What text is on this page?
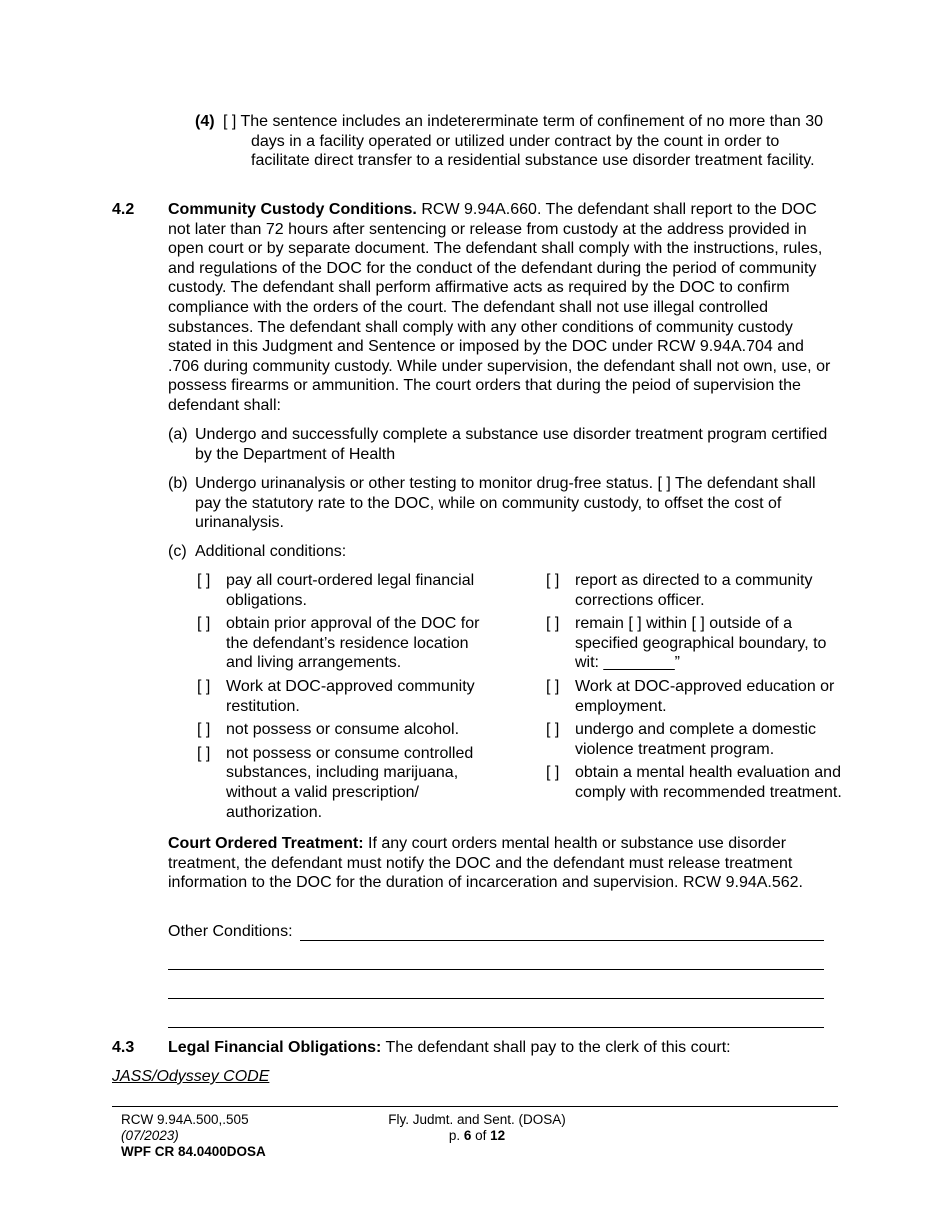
(4) [ ] The sentence includes an indetererminate term of confinement of no more than 30 days in a facility operated or utilized under contract by the count in order to facilitate direct transfer to a residential substance use disorder treatment facility.
4.2 Community Custody Conditions. RCW 9.94A.660. The defendant shall report to the DOC not later than 72 hours after sentencing or release from custody at the address provided in open court or by separate document. The defendant shall comply with the instructions, rules, and regulations of the DOC for the conduct of the defendant during the period of community custody. The defendant shall perform affirmative acts as required by the DOC to confirm compliance with the orders of the court. The defendant shall not use illegal controlled substances. The defendant shall comply with any other conditions of community custody stated in this Judgment and Sentence or imposed by the DOC under RCW 9.94A.704 and .706 during community custody. While under supervision, the defendant shall not own, use, or possess firearms or ammunition. The court orders that during the peiod of supervision the defendant shall:
(a) Undergo and successfully complete a substance use disorder treatment program certified by the Department of Health
(b) Undergo urinanalysis or other testing to monitor drug-free status. [ ] The defendant shall pay the statutory rate to the DOC, while on community custody, to offset the cost of urinanalysis.
(c) Additional conditions:
[ ] pay all court-ordered legal financial obligations.
[ ] obtain prior approval of the DOC for the defendant’s residence location and living arrangements.
[ ] Work at DOC-approved community restitution.
[ ] not possess or consume alcohol.
[ ] not possess or consume controlled substances, including marijuana, without a valid prescription/ authorization.
[ ] report as directed to a community corrections officer.
[ ] remain [ ] within [ ] outside of a specified geographical boundary, to wit: ________”
[ ] Work at DOC-approved education or employment.
[ ] undergo and complete a domestic violence treatment program.
[ ] obtain a mental health evaluation and comply with recommended treatment.
Court Ordered Treatment: If any court orders mental health or substance use disorder treatment, the defendant must notify the DOC and the defendant must release treatment information to the DOC for the duration of incarceration and supervision. RCW 9.94A.562.
Other Conditions:
4.3 Legal Financial Obligations: The defendant shall pay to the clerk of this court:
JASS/Odyssey CODE
RCW 9.94A.500,.505
(07/2023)
WPF CR 84.0400DOSA
Fly. Judmt. and Sent. (DOSA)
p. 6 of 12
